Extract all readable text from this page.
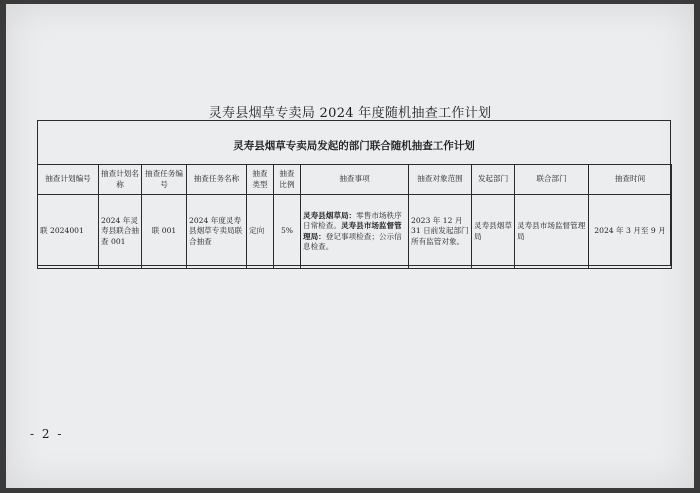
灵寿县烟草专卖局 2024 年度随机抽查工作计划
灵寿县烟草专卖局发起的部门联合随机抽查工作计划
抽查计划编号	抽查计划名称	抽查任务编号	抽查任务名称	抽查类型	抽查比例	抽查事项	抽查对象范围	发起部门	联合部门	抽查时间
联 2024001	2024 年灵寿县联合抽查 001	联 001	2024 年度灵寿县烟草专卖局联合抽查	定向	5%	灵寿县烟草局：零售市场秩序日常检查。灵寿县市场监督管理局：登记事项检查；公示信息检查。	2023 年 12 月 31 日前发起部门所有监管对象。	灵寿县烟草局	灵寿县市场监督管理局	2024 年 3 月至 9 月
- 2 -
